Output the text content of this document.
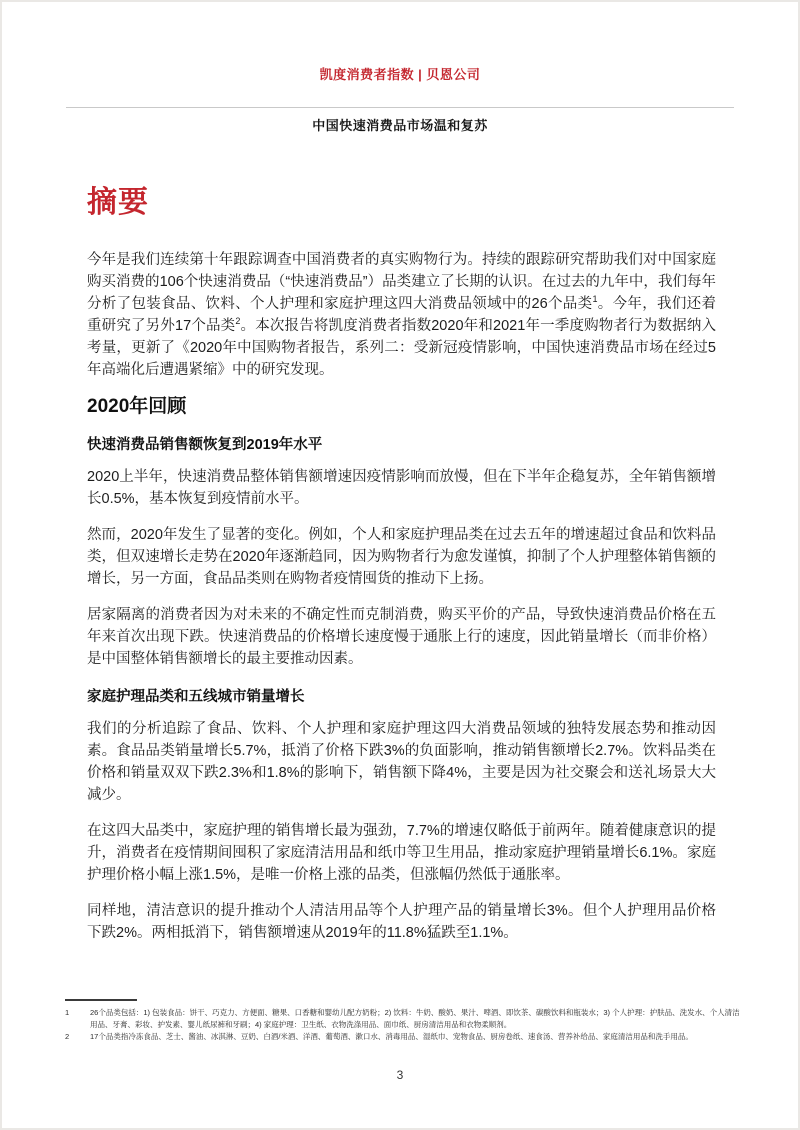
凯度消费者指数 | 贝恩公司
中国快速消费品市场温和复苏
摘要

今年是我们连续第十年跟踪调查中国消费者的真实购物行为。持续的跟踪研究帮助我们对中国家庭购买消费的106个快速消费品（“快速消费品”）品类建立了长期的认识。在过去的九年中，我们每年分析了包装食品、饮料、个人护理和家庭护理这四大消费品领域中的26个品类$^1$。今年，我们还着重研究了另外17个品类$^2$。本次报告将凯度消费者指数2020年和2021年一季度购物者行为数据纳入考量，更新了《2020年中国购物者报告，系列二：受新冠疫情影响，中国快速消费品市场在经过5年高端化后遭遇紧缩》中的研究发现。

2020年回顾
快速消费品销售额恢复到2019年水平

2020上半年，快速消费品整体销售额增速因疫情影响而放慢，但在下半年企稳复苏，全年销售额增长0.5%，基本恢复到疫情前水平。

然而，2020年发生了显著的变化。例如，个人和家庭护理品类在过去五年的增速超过食品和饮料品类，但双速增长走势在2020年逐渐趋同，因为购物者行为愈发谨慎，抑制了个人护理整体销售额的增长，另一方面，食品品类则在购物者疫情囤货的推动下上扬。

居家隔离的消费者因为对未来的不确定性而克制消费，购买平价的产品，导致快速消费品价格在五年来首次出现下跌。快速消费品的价格增长速度慢于通胀上行的速度，因此销量增长（而非价格）是中国整体销售额增长的最主要推动因素。

家庭护理品类和五线城市销量增长

我们的分析追踪了食品、饮料、个人护理和家庭护理这四大消费品领域的独特发展态势和推动因素。食品品类销量增长5.7%，抵消了价格下跌3%的负面影响，推动销售额增长2.7%。饮料品类在价格和销量双双下跌2.3%和1.8%的影响下，销售额下降4%，主要是因为社交聚会和送礼场景大大减少。

在这四大品类中，家庭护理的销售增长最为强劲，7.7%的增速仅略低于前两年。随着健康意识的提升，消费者在疫情期间囤积了家庭清洁用品和纸巾等卫生用品，推动家庭护理销量增长6.1%。家庭护理价格小幅上涨1.5%，是唯一价格上涨的品类，但涨幅仍然低于通胀率。

同样地，清洁意识的提升推动个人清洁用品等个人护理产品的销量增长3%。但个人护理用品价格下跌2%。两相抵消下，销售额增速从2019年的11.8%猛跌至1.1%。

1	26个品类包括：1) 包装食品：饼干、巧克力、方便面、糖果、口香糖和婴幼儿配方奶粉；2) 饮料：牛奶、酸奶、果汁、啤酒、即饮茶、碳酸饮料和瓶装水；3) 个人护理：护肤品、洗发水、个人清洁用品、牙膏、彩妆、护发素、婴儿纸尿裤和牙刷；4) 家庭护理：卫生纸、衣物洗涤用品、面巾纸、厨房清洁用品和衣物柔顺剂。
2	17个品类指冷冻食品、芝士、酱油、冰淇淋、豆奶、白酒/米酒、洋酒、葡萄酒、漱口水、消毒用品、湿纸巾、宠物食品、厨房卷纸、速食汤、营养补给品、家庭清洁用品和洗手用品。
3
